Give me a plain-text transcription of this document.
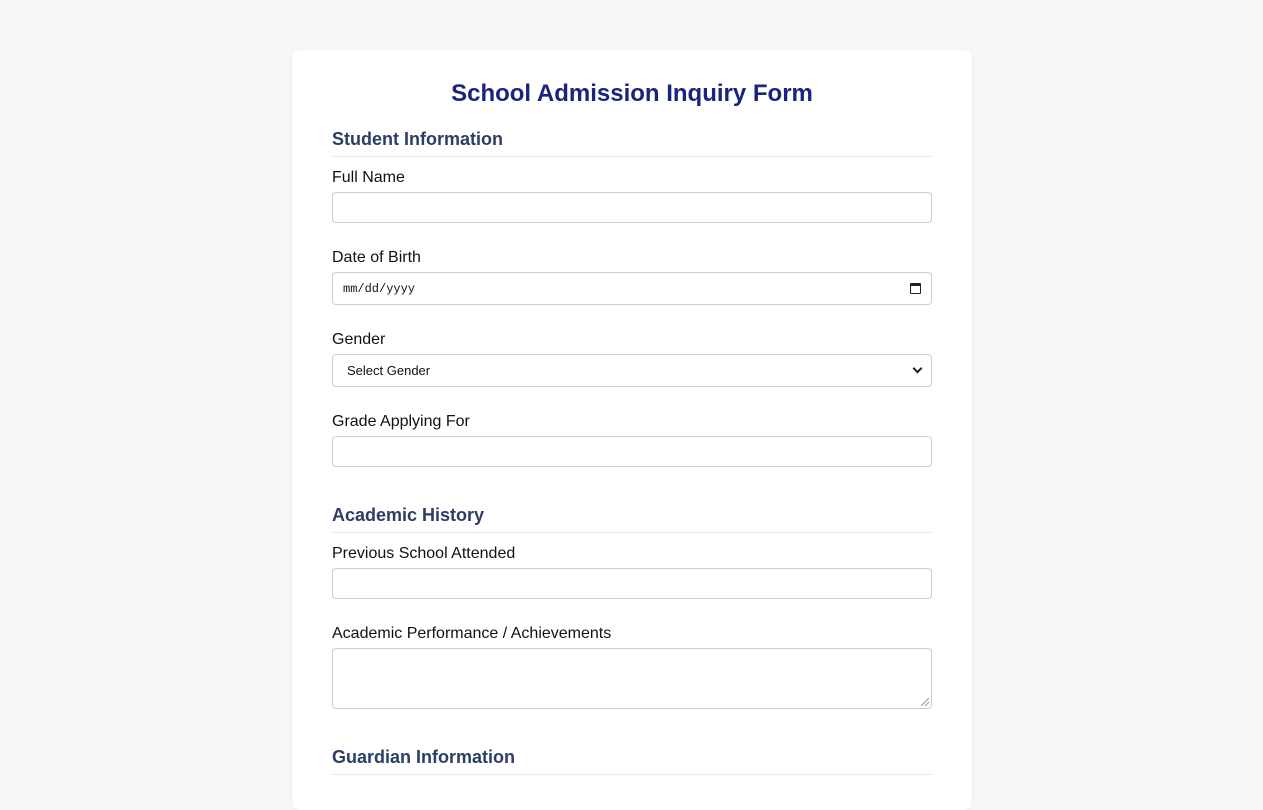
School Admission Inquiry Form
Student Information
Full Name
Date of Birth
mm/dd/yyyy
Gender
Select Gender
Grade Applying For
Academic History
Previous School Attended
Academic Performance / Achievements
Guardian Information
